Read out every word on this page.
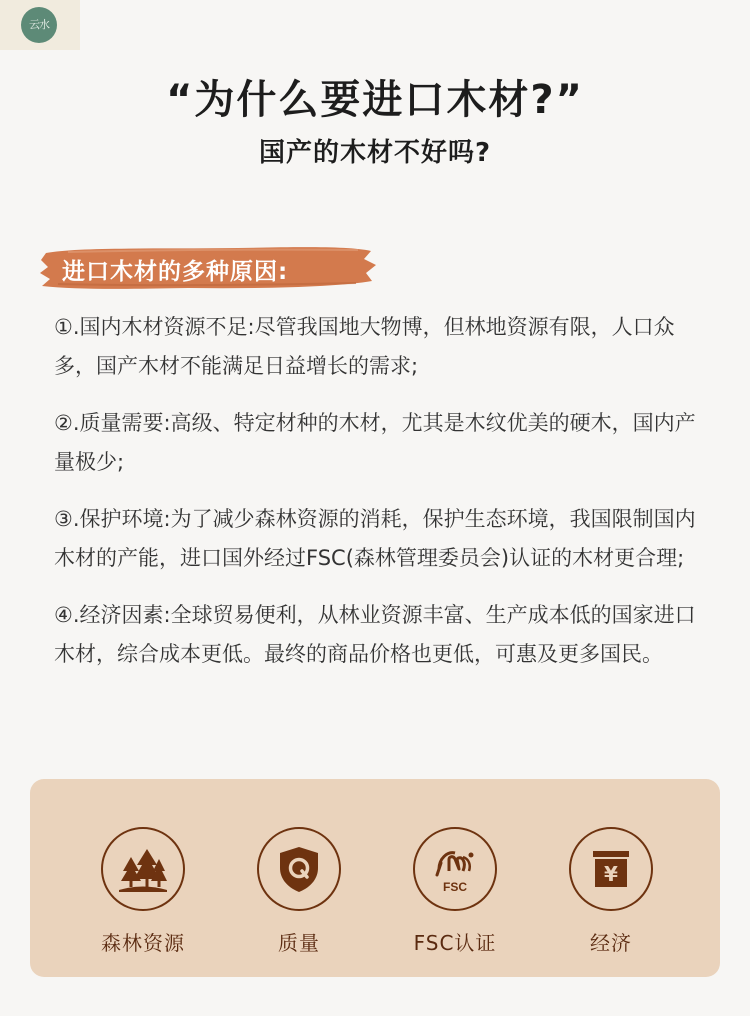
云水
“为什么要进口木材?”
国产的木材不好吗?
进口木材的多种原因:

①.国内木材资源不足:尽管我国地大物博，但林地资源有限，人口众多，国产木材不能满足日益增长的需求;

②.质量需要:高级、特定材种的木材，尤其是木纹优美的硬木，国内产量极少;

③.保护环境:为了减少森林资源的消耗，保护生态环境，我国限制国内木材的产能，进口国外经过FSC(森林管理委员会)认证的木材更合理;

④.经济因素:全球贸易便利，从林业资源丰富、生产成本低的国家进口木材，综合成本更低。最终的商品价格也更低，可惠及更多国民。

森林资源	质量
FSC
FSC认证
¥
经济
